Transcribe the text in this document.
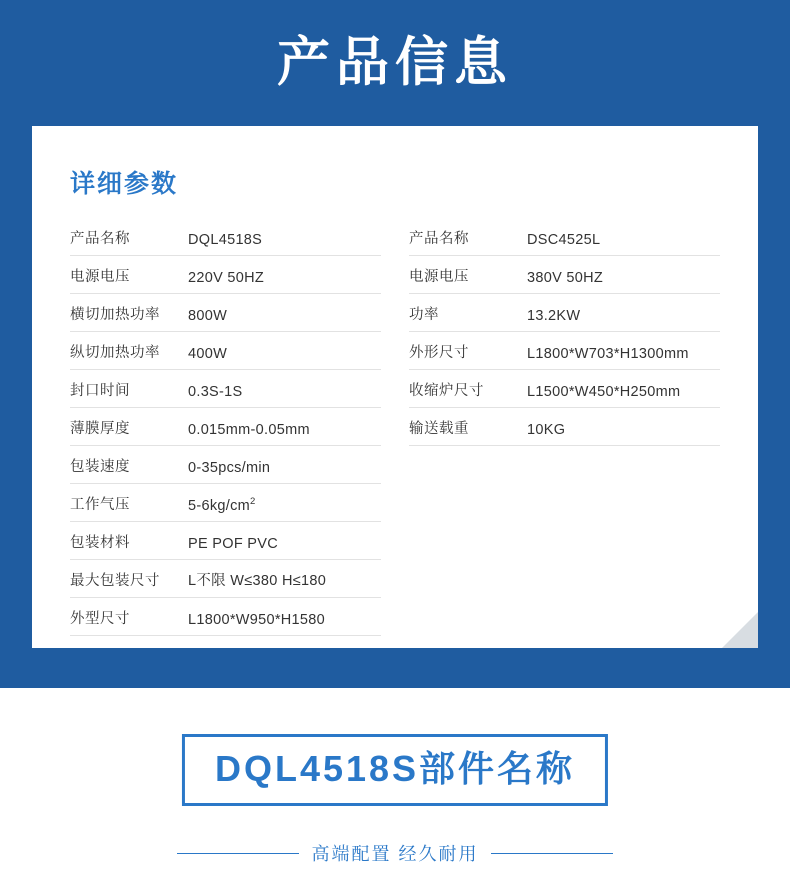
产品信息
详细参数
产品名称	DQL4518S
电源电压	220V 50HZ
横切加热功率	800W
纵切加热功率	400W
封口时间	0.3S-1S
薄膜厚度	0.015mm-0.05mm
包装速度	0-35pcs/min
工作气压	$5-6kg/cm^2$
包装材料	PE POF PVC
最大包装尺寸	L不限 W≤380 H≤180
外型尺寸	L1800*W950*H1580
产品名称	DSC4525L
电源电压	380V 50HZ
功率	13.2KW
外形尺寸	L1800*W703*H1300mm
收缩炉尺寸	L1500*W450*H250mm
输送载重	10KG
DQL4518S部件名称
高端配置 经久耐用
